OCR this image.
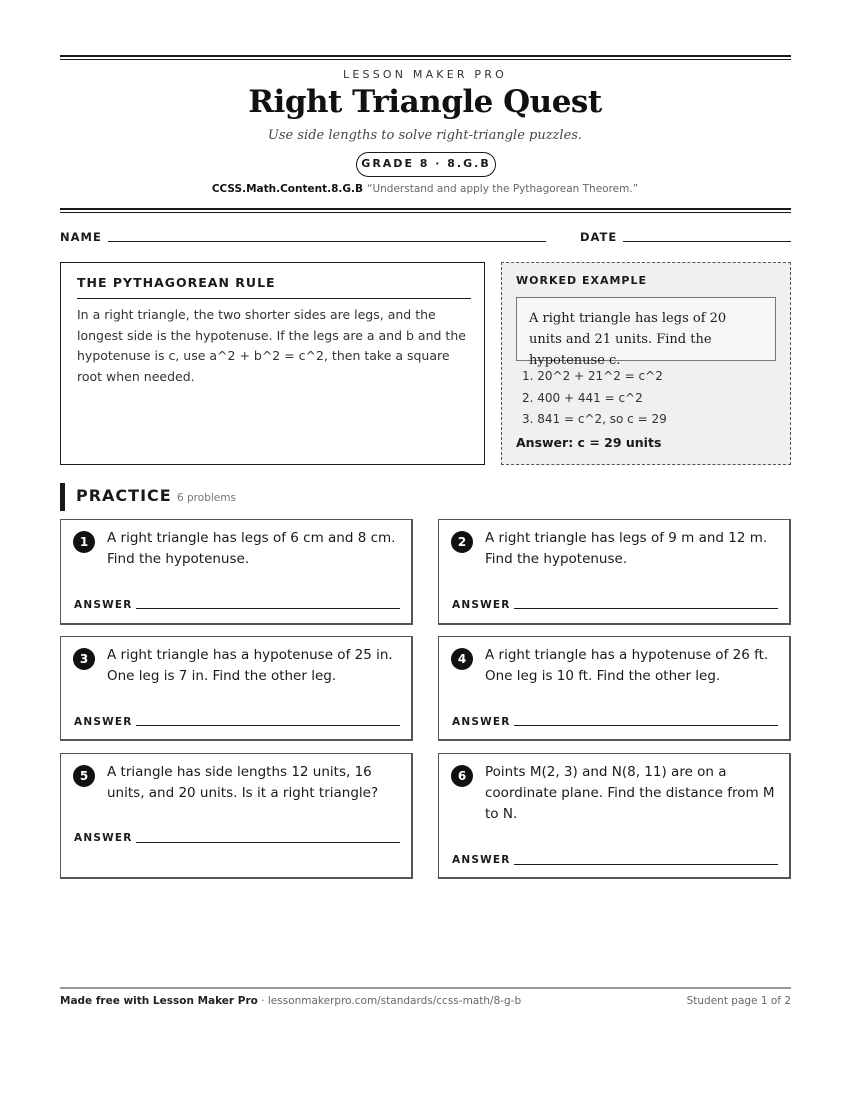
LESSON MAKER PRO
Right Triangle Quest
Use side lengths to solve right-triangle puzzles.
GRADE 8 · 8.G.B
CCSS.Math.Content.8.G.B “Understand and apply the Pythagorean Theorem.”
NAME	DATE
THE PYTHAGOREAN RULE

In a right triangle, the two shorter sides are legs, and the longest side is the hypotenuse. If the legs are a and b and the hypotenuse is c, use a^2 + b^2 = c^2, then take a square root when needed.

WORKED EXAMPLE
A right triangle has legs of 20 units and 21 units. Find the hypotenuse c.
1. 20^2 + 21^2 = c^2
2. 400 + 441 = c^2
3. 841 = c^2, so c = 29
Answer: c = 29 units
PRACTICE 6 problems
1	A right triangle has legs of 6 cm and 8 cm. Find the hypotenuse.
ANSWER
2	A right triangle has legs of 9 m and 12 m. Find the hypotenuse.
ANSWER
3	A right triangle has a hypotenuse of 25 in. One leg is 7 in. Find the other leg.
ANSWER
4	A right triangle has a hypotenuse of 26 ft. One leg is 10 ft. Find the other leg.
ANSWER
5	A triangle has side lengths 12 units, 16 units, and 20 units. Is it a right triangle?
ANSWER
6	Points M(2, 3) and N(8, 11) are on a coordinate plane. Find the distance from M to N.
ANSWER
Made free with Lesson Maker Pro · lessonmakerpro.com/standards/ccss-math/8-g-b	Student page 1 of 2
